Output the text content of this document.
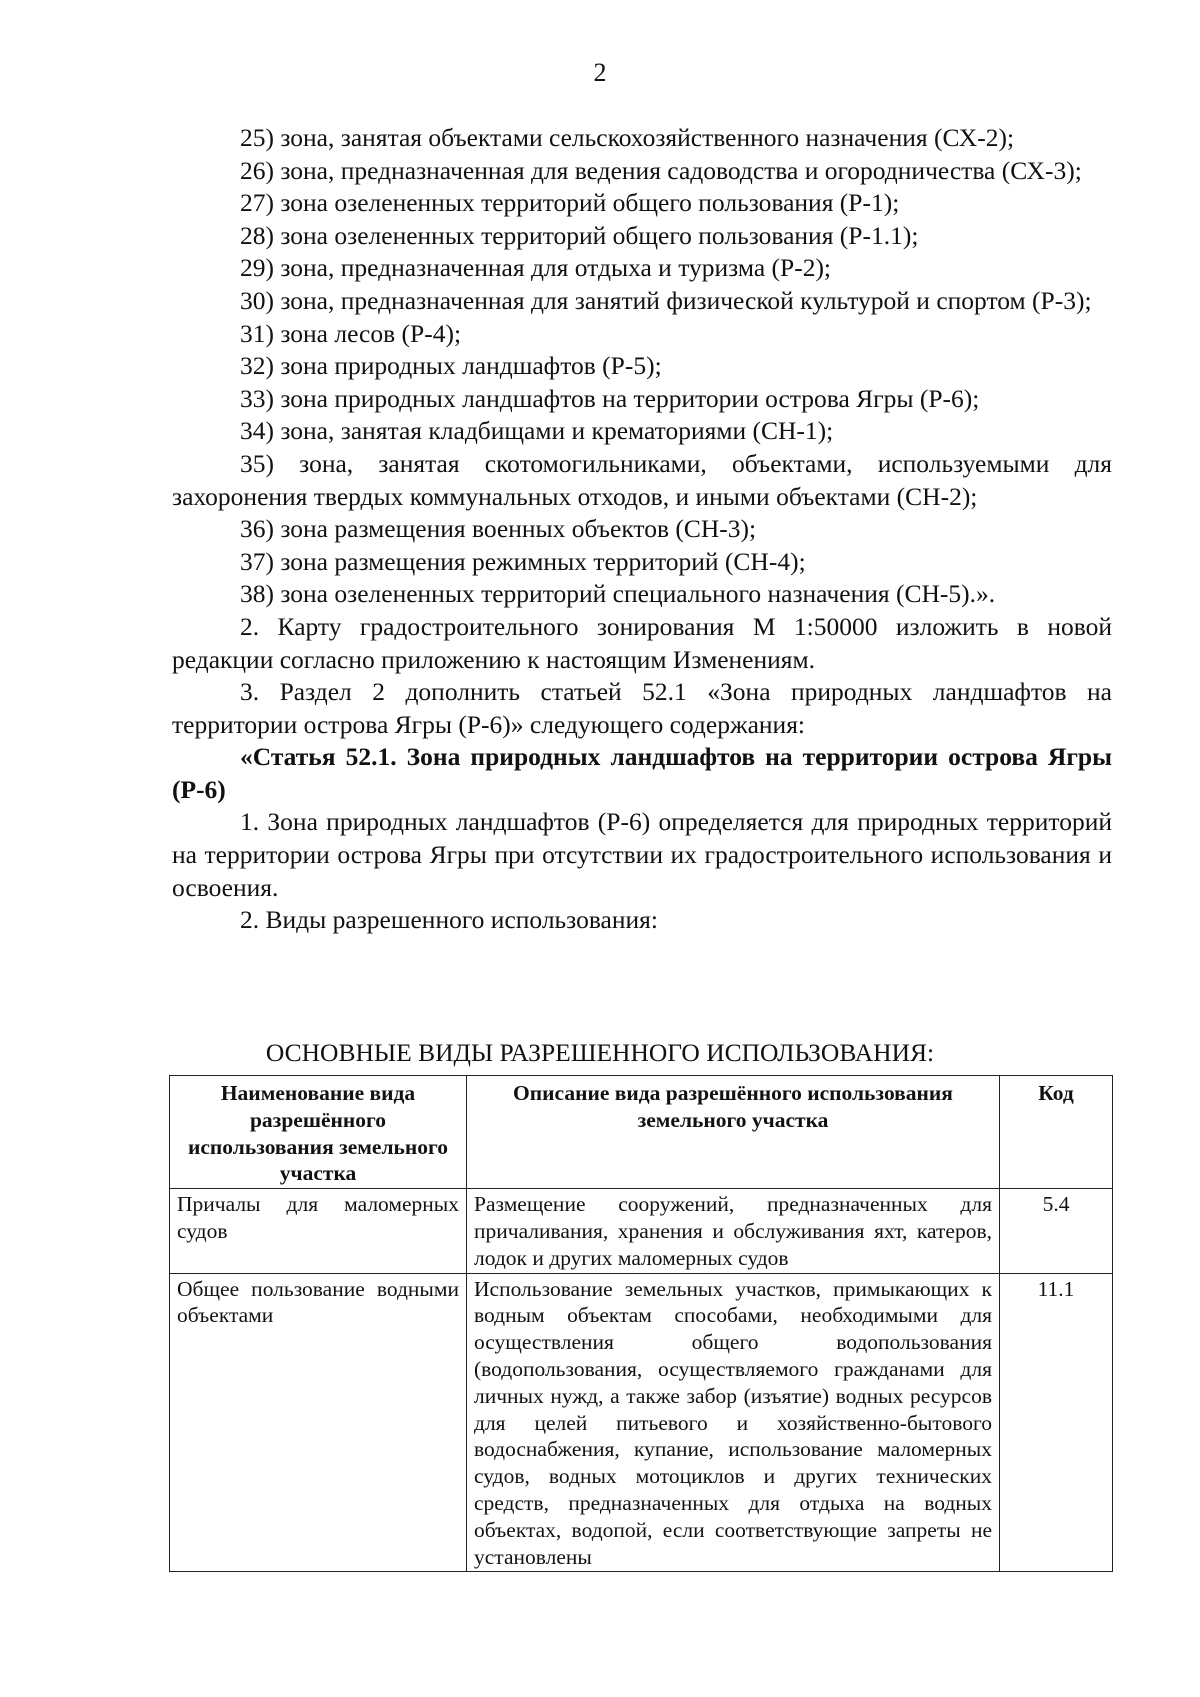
2

25) зона, занятая объектами сельскохозяйственного назначения (СХ-2);

26) зона, предназначенная для ведения садоводства и огородничества (СХ-3);

27) зона озелененных территорий общего пользования (Р-1);

28) зона озелененных территорий общего пользования (Р-1.1);

29) зона, предназначенная для отдыха и туризма (Р-2);

30) зона, предназначенная для занятий физической культурой и спортом (Р-3);

31) зона лесов (Р-4);

32) зона природных ландшафтов (Р-5);

33) зона природных ландшафтов на территории острова Ягры (Р-6);

34) зона, занятая кладбищами и крематориями (СН-1);

35) зона, занятая скотомогильниками, объектами, используемыми для захоронения твердых коммунальных отходов, и иными объектами (СН-2);

36) зона размещения военных объектов (СН-3);

37) зона размещения режимных территорий (СН-4);

38) зона озелененных территорий специального назначения (СН-5).».

2. Карту градостроительного зонирования М 1:50000 изложить в новой редакции согласно приложению к настоящим Изменениям.

3. Раздел 2 дополнить статьей 52.1 «Зона природных ландшафтов на территории острова Ягры (Р-6)» следующего содержания:

«Статья 52.1. Зона природных ландшафтов на территории острова Ягры (Р-6)

1. Зона природных ландшафтов (Р-6) определяется для природных территорий на территории острова Ягры при отсутствии их градостроительного использования и освоения.

2. Виды разрешенного использования:

ОСНОВНЫЕ ВИДЫ РАЗРЕШЕННОГО ИСПОЛЬЗОВАНИЯ:
Наименование вида разрешённого использования земельного участка	Описание вида разрешённого использования земельного участка	Код
Причалы для маломерных судов	Размещение сооружений, предназначенных для причаливания, хранения и обслуживания яхт, катеров, лодок и других маломерных судов	5.4
Общее пользование водными объектами	Использование земельных участков, примыкающих к водным объектам способами, необходимыми для осуществления общего водопользования (водопользования, осуществляемого гражданами для личных нужд, а также забор (изъятие) водных ресурсов для целей питьевого и хозяйственно-бытового водоснабжения, купание, использование маломерных судов, водных мотоциклов и других технических средств, предназначенных для отдыха на водных объектах, водопой, если соответствующие запреты не установлены	11.1
